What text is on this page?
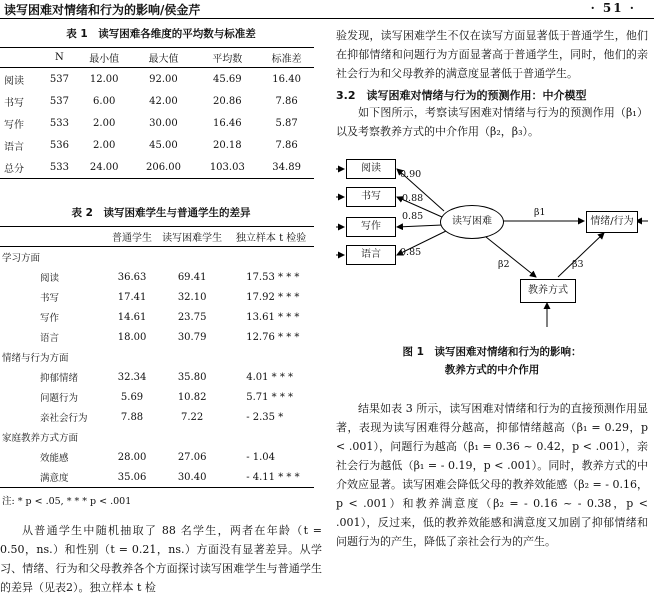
读写困难对情绪和行为的影响/侯金芹	· 51 ·

表 1　读写困难各维度的平均数与标准差

	N	最小值	最大值	平均数	标准差
阅读	537	12.00	92.00	45.69	16.40
书写	537	6.00	42.00	20.86	7.86
写作	533	2.00	30.00	16.46	5.87
语言	536	2.00	45.00	20.18	7.86
总分	533	24.00	206.00	103.03	34.89

表 2　读写困难学生与普通学生的差异

	普通学生	读写困难学生	独立样本 t 检验
学习方面			
阅读	36.63	69.41	17.53 * * *
书写	17.41	32.10	17.92 * * *
写作	14.61	23.75	13.61 * * *
语言	18.00	30.79	12.76 * * *
情绪与行为方面			
抑郁情绪	32.34	35.80	4.01 * * *
问题行为	5.69	10.82	5.71 * * *
亲社会行为	7.88	7.22	- 2.35 *
家庭教养方式方面			
效能感	28.00	27.06	- 1.04
满意度	35.06	30.40	- 4.11 * * *
注: * p < .05, * * * p < .001

从普通学生中随机抽取了 88 名学生，两者在年龄（t = 0.50，ns.）和性别（t = 0.21，ns.）方面没有显著差异。从学习、情绪、行为和父母教养各个方面探讨读写困难学生与普通学生的差异（见表2）。独立样本 t 检

验发现，读写困难学生不仅在读写方面显著低于普通学生，他们在抑郁情绪和问题行为方面显著高于普通学生，同时，他们的亲社会行为和父母教养的满意度显著低于普通学生。

3.2　读写困难对情绪与行为的预测作用：中介模型

如下图所示，考察读写困难对情绪与行为的预测作用（β₁）以及考察教养方式的中介作用（β₂，β₃）。

阅读
书写
写作
语言
0.90
0.88
0.85
0.85
读写困难	情绪/行为
教养方式
β1
β2	β3
图 1　读写困难对情绪和行为的影响：
教养方式的中介作用

结果如表 3 所示，读写困难对情绪和行为的直接预测作用显著，表现为读写困难得分越高，抑郁情绪越高（β₁ = 0.29，p < .001），问题行为越高（β₁ = 0.36 ~ 0.42，p < .001），亲社会行为越低（β₁ = - 0.19，p < .001）。同时，教养方式的中介效应显著。读写困难会降低父母的教养效能感（β₂ = - 0.16，p < .001）和教养满意度（β₂ = - 0.16 ~ - 0.38，p < .001），反过来，低的教养效能感和满意度又加剧了抑郁情绪和问题行为的产生，降低了亲社会行为的产生。
